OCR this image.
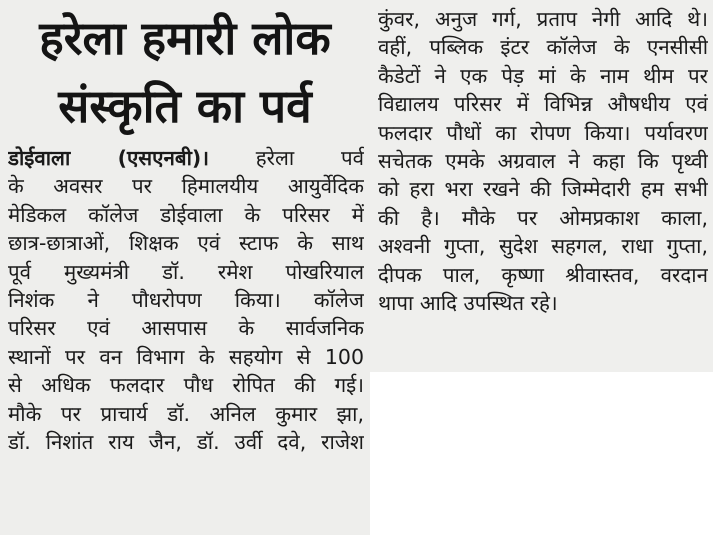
हरेला हमारी लोक
संस्कृति का पर्व
डोईवाला (एसएनबी)। हरेला पर्व
के अवसर पर हिमालयीय आयुर्वेदिक
मेडिकल कॉलेज डोईवाला के परिसर में
छात्र-छात्राओं, शिक्षक एवं स्टाफ के साथ
पूर्व मुख्यमंत्री डॉ. रमेश पोखरियाल
निशंक ने पौधरोपण किया। कॉलेज
परिसर एवं आसपास के सार्वजनिक
स्थानों पर वन विभाग के सहयोग से 100
से अधिक फलदार पौध रोपित की गई।
मौके पर प्राचार्य डॉ. अनिल कुमार झा,
डॉ. निशांत राय जैन, डॉ. उर्वी दवे, राजेश
कुंवर, अनुज गर्ग, प्रताप नेगी आदि थे।
वहीं, पब्लिक इंटर कॉलेज के एनसीसी
कैडेटों ने एक पेड़ मां के नाम थीम पर
विद्यालय परिसर में विभिन्न औषधीय एवं
फलदार पौधों का रोपण किया। पर्यावरण
सचेतक एमके अग्रवाल ने कहा कि पृथ्वी
को हरा भरा रखने की जिम्मेदारी हम सभी
की है। मौके पर ओमप्रकाश काला,
अश्वनी गुप्ता, सुदेश सहगल, राधा गुप्ता,
दीपक पाल, कृष्णा श्रीवास्तव, वरदान
थापा आदि उपस्थित रहे।
